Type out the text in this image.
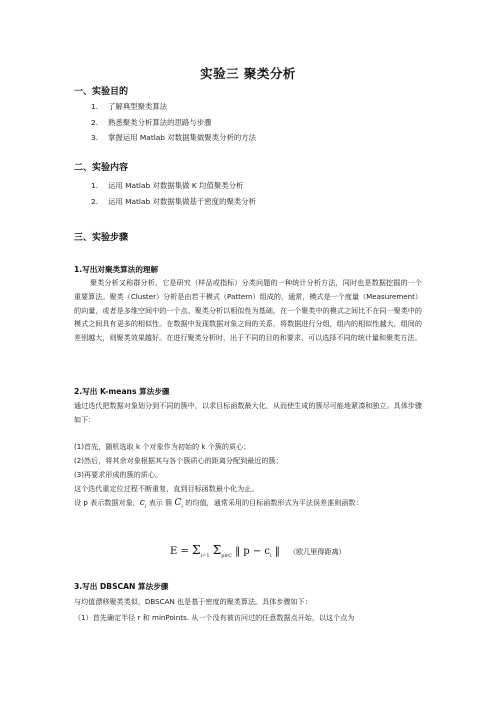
实验三 聚类分析
一、实验目的
1. 了解典型聚类算法
2. 熟悉聚类分析算法的思路与步骤
3. 掌握运用 Matlab 对数据集做聚类分析的方法
二、实验内容
1. 运用 Matlab 对数据集做 K 均值聚类分析
2. 运用 Matlab 对数据集做基于密度的聚类分析
三、实验步骤
1.写出对聚类算法的理解

聚类分析又称群分析，它是研究（样品或指标）分类问题的一种统计分析方法，同时也是数据挖掘的一个重要算法。聚类（Cluster）分析是由若干模式（Pattern）组成的，通常，模式是一个度量（Measurement）的向量，或者是多维空间中的一个点。聚类分析以相似性为基础，在一个聚类中的模式之间比不在同一聚类中的模式之间具有更多的相似性。在数据中发现数据对象之间的关系，将数据进行分组，组内的相似性越大，组间的差别越大，则聚类效果越好。在进行聚类分析时，出于不同的目的和要求，可以选择不同的统计量和聚类方法。

2.写出 K-means 算法步骤

通过迭代把数据对象划分到不同的簇中，以求目标函数最大化，从而使生成的簇尽可能地紧凑和独立。具体步骤如下：

(1)首先，随机选取 k 个对象作为初始的 k 个簇的质心；
(2)然后，将其余对象根据其与各个簇质心的距离分配到最近的簇；
(3)再要求形成的簇的质心。
这个迭代重定位过程不断重复，直到目标函数最小化为止。
设 p 表示数据对象，$c_i$ 表示 簇 $C_i$ 的均值，通常采用的目标函数形式为平法误差准则函数：
$E = \Sigma_{i=1}$ $\Sigma_{p\in C}$ ‖ $p - c_i$ ‖ （欧几里得距离）
3.写出 DBSCAN 算法步骤
与均值漂移聚类类似，DBSCAN 也是基于密度的聚类算法。具体步骤如下：
（1）首先确定半径 r 和 minPoints. 从一个没有被访问过的任意数据点开始，以这个点为
